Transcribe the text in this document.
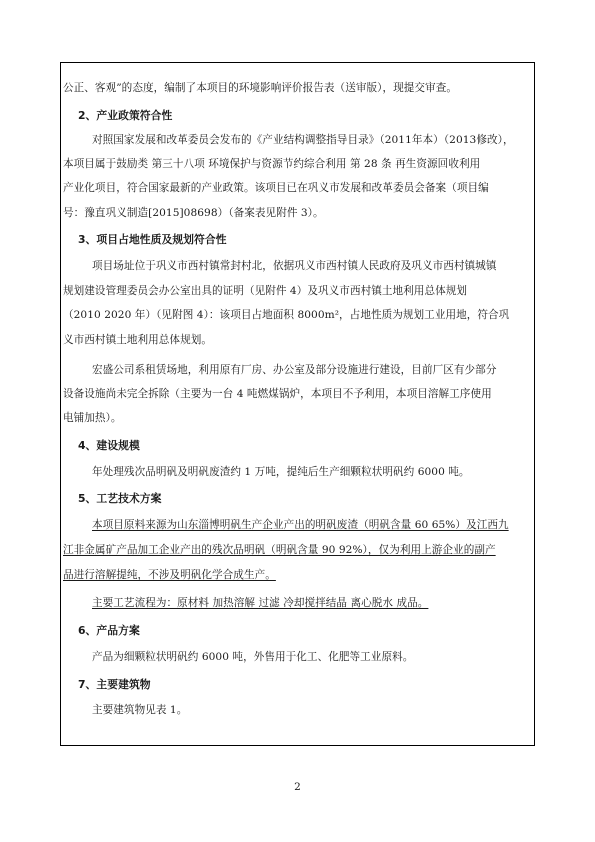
公正、客观”的态度，编制了本项目的环境影响评价报告表（送审版），现提交审查。
2、产业政策符合性
对照国家发展和改革委员会发布的《产业结构调整指导目录》（2011年本）（2013修改），
本项目属于鼓励类 第三十八项 环境保护与资源节约综合利用 第 28 条 再生资源回收利用
产业化项目，符合国家最新的产业政策。该项目已在巩义市发展和改革委员会备案（项目编
号：豫直巩义制造[2015]08698）（备案表见附件 3）。
3、项目占地性质及规划符合性
项目场址位于巩义市西村镇常封村北，依据巩义市西村镇人民政府及巩义市西村镇城镇
规划建设管理委员会办公室出具的证明（见附件 4）及巩义市西村镇土地利用总体规划
（2010 2020 年）（见附图 4）：该项目占地面积 8000m²，占地性质为规划工业用地，符合巩
义市西村镇土地利用总体规划。
宏盛公司系租赁场地，利用原有厂房、办公室及部分设施进行建设，目前厂区有少部分
设备设施尚未完全拆除（主要为一台 4 吨燃煤锅炉，本项目不予利用，本项目溶解工序使用
电铺加热）。
4、建设规模
年处理残次品明矾及明矾废渣约 1 万吨，提纯后生产细颗粒状明矾约 6000 吨。
5、工艺技术方案
本项目原料来源为山东淄博明矾生产企业产出的明矾废渣（明矾含量 60 65%）及江西九
江非金属矿产品加工企业产出的残次品明矾（明矾含量 90 92%），仅为利用上游企业的副产
品进行溶解提纯，不涉及明矾化学合成生产。
主要工艺流程为：原材料 加热溶解 过滤 冷却搅拌结晶 离心脱水 成品。
6、产品方案
产品为细颗粒状明矾约 6000 吨，外售用于化工、化肥等工业原料。
7、主要建筑物
主要建筑物见表 1。
2
